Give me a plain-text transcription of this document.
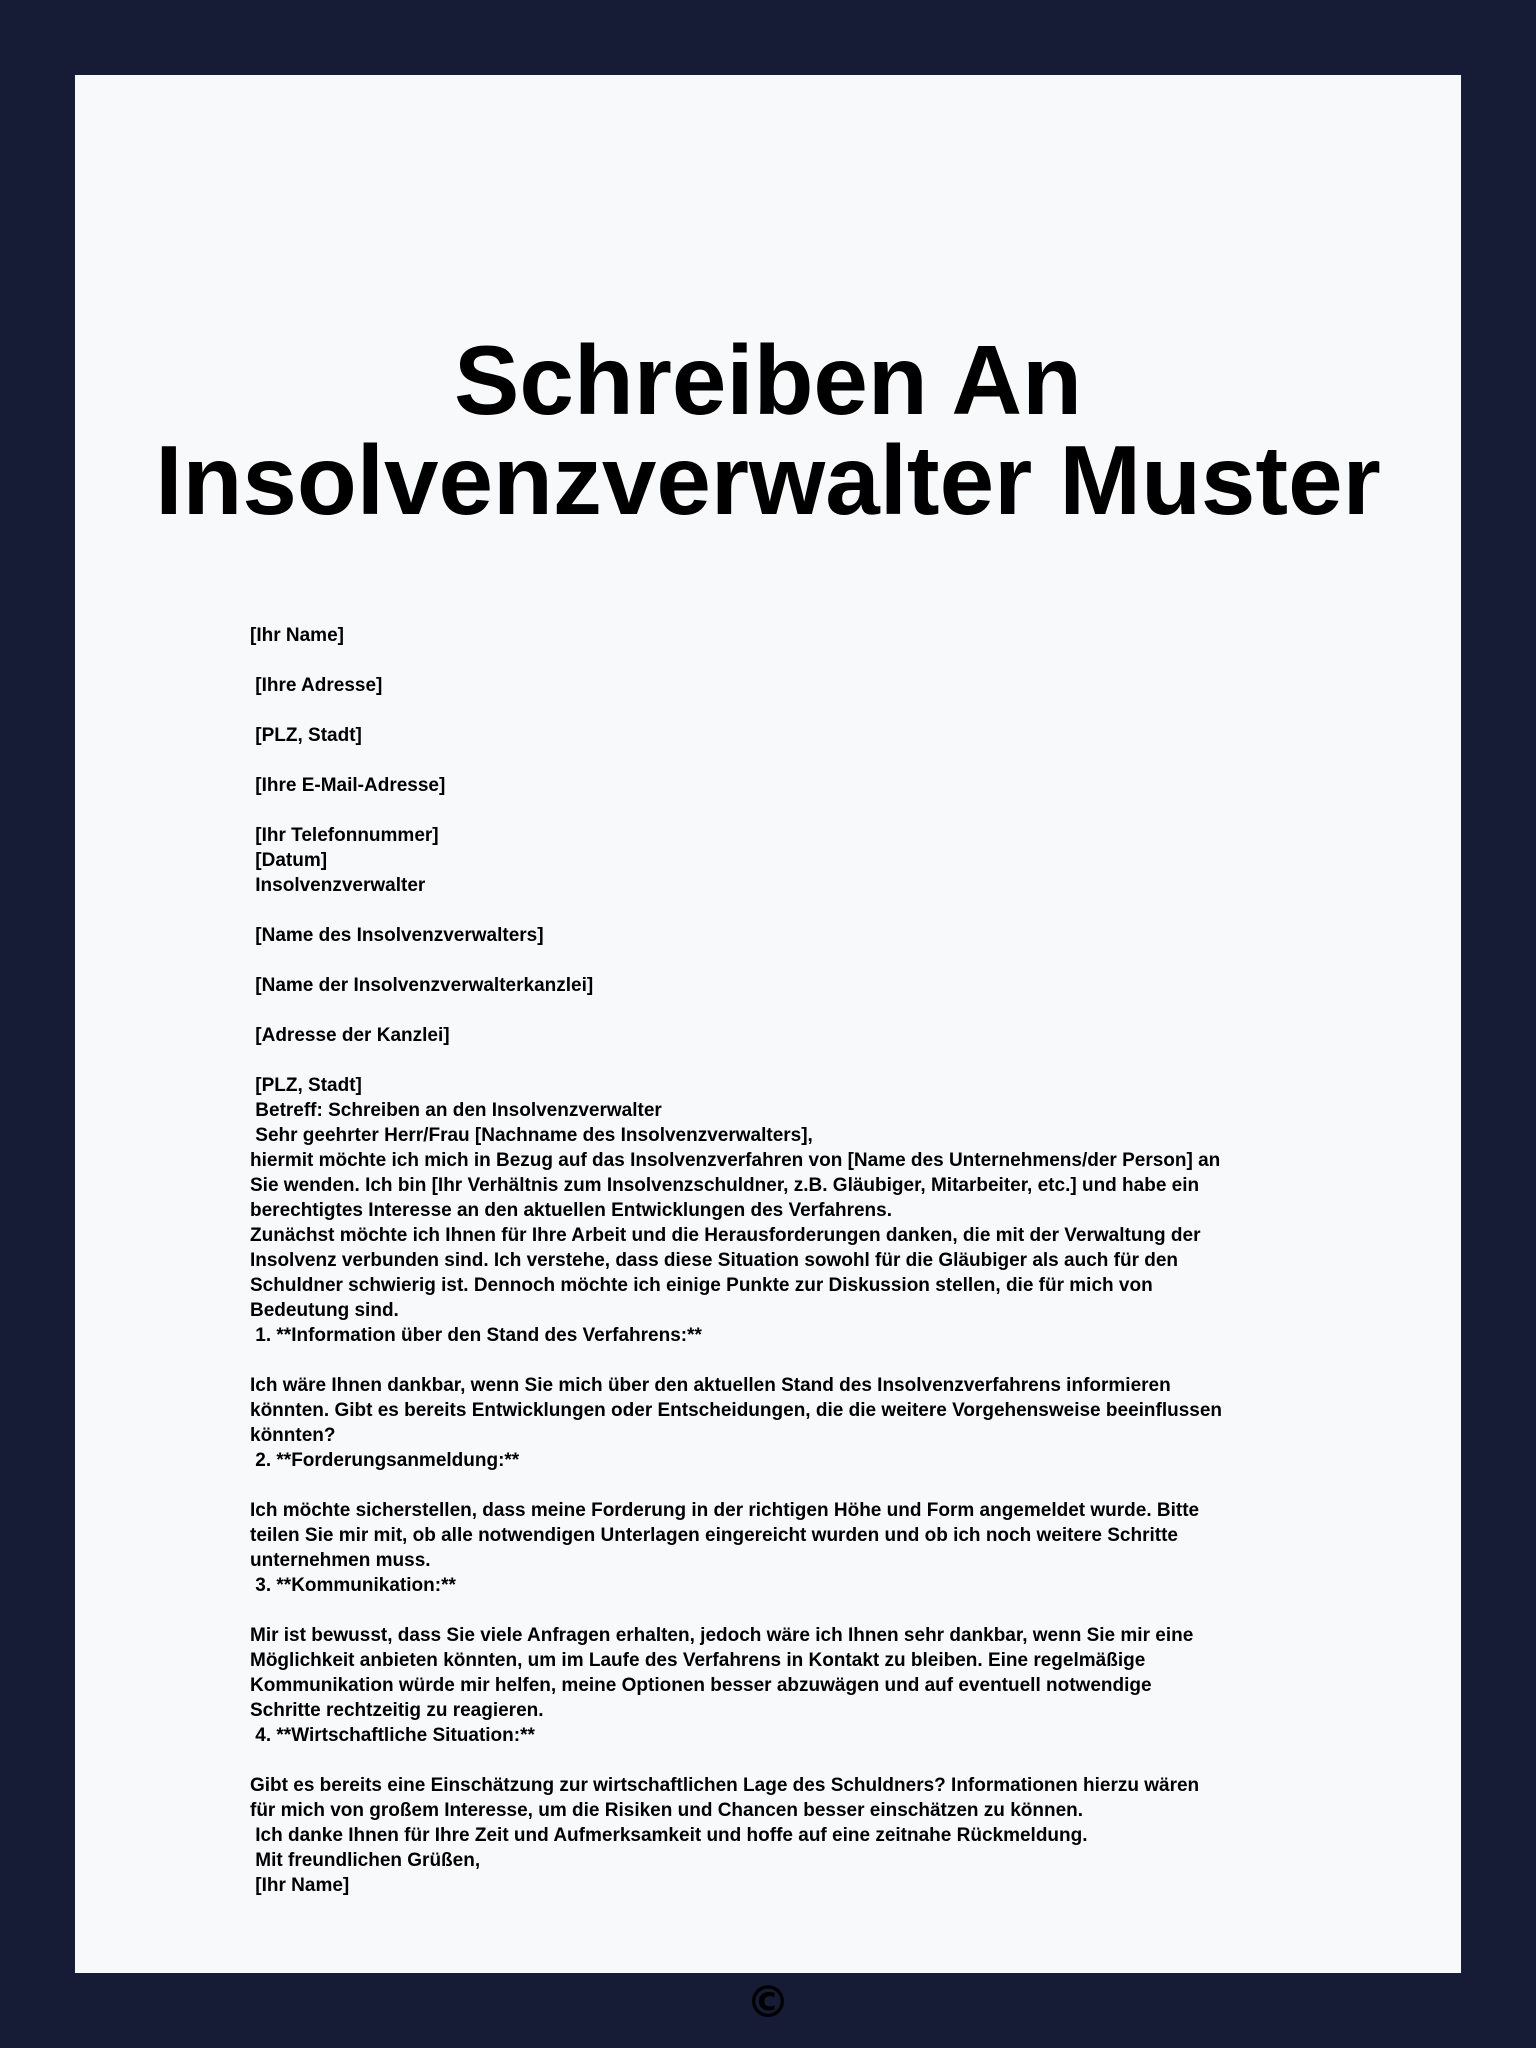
Schreiben An
Insolvenzverwalter Muster
[Ihr Name]

[Ihre Adresse]

[PLZ, Stadt]

[Ihre E-Mail-Adresse]

[Ihr Telefonnummer]
[Datum]
Insolvenzverwalter

[Name des Insolvenzverwalters]

[Name der Insolvenzverwalterkanzlei]

[Adresse der Kanzlei]

[PLZ, Stadt]
Betreff: Schreiben an den Insolvenzverwalter
Sehr geehrter Herr/Frau [Nachname des Insolvenzverwalters],
hiermit möchte ich mich in Bezug auf das Insolvenzverfahren von [Name des Unternehmens/der Person] an
Sie wenden. Ich bin [Ihr Verhältnis zum Insolvenzschuldner, z.B. Gläubiger, Mitarbeiter, etc.] und habe ein
berechtigtes Interesse an den aktuellen Entwicklungen des Verfahrens.
Zunächst möchte ich Ihnen für Ihre Arbeit und die Herausforderungen danken, die mit der Verwaltung der
Insolvenz verbunden sind. Ich verstehe, dass diese Situation sowohl für die Gläubiger als auch für den
Schuldner schwierig ist. Dennoch möchte ich einige Punkte zur Diskussion stellen, die für mich von
Bedeutung sind.
1. **Information über den Stand des Verfahrens:**

Ich wäre Ihnen dankbar, wenn Sie mich über den aktuellen Stand des Insolvenzverfahrens informieren
könnten. Gibt es bereits Entwicklungen oder Entscheidungen, die die weitere Vorgehensweise beeinflussen
könnten?
2. **Forderungsanmeldung:**

Ich möchte sicherstellen, dass meine Forderung in der richtigen Höhe und Form angemeldet wurde. Bitte
teilen Sie mir mit, ob alle notwendigen Unterlagen eingereicht wurden und ob ich noch weitere Schritte
unternehmen muss.
3. **Kommunikation:**

Mir ist bewusst, dass Sie viele Anfragen erhalten, jedoch wäre ich Ihnen sehr dankbar, wenn Sie mir eine
Möglichkeit anbieten könnten, um im Laufe des Verfahrens in Kontakt zu bleiben. Eine regelmäßige
Kommunikation würde mir helfen, meine Optionen besser abzuwägen und auf eventuell notwendige
Schritte rechtzeitig zu reagieren.
4. **Wirtschaftliche Situation:**

Gibt es bereits eine Einschätzung zur wirtschaftlichen Lage des Schuldners? Informationen hierzu wären
für mich von großem Interesse, um die Risiken und Chancen besser einschätzen zu können.
Ich danke Ihnen für Ihre Zeit und Aufmerksamkeit und hoffe auf eine zeitnahe Rückmeldung.
Mit freundlichen Grüßen,
[Ihr Name]
©
